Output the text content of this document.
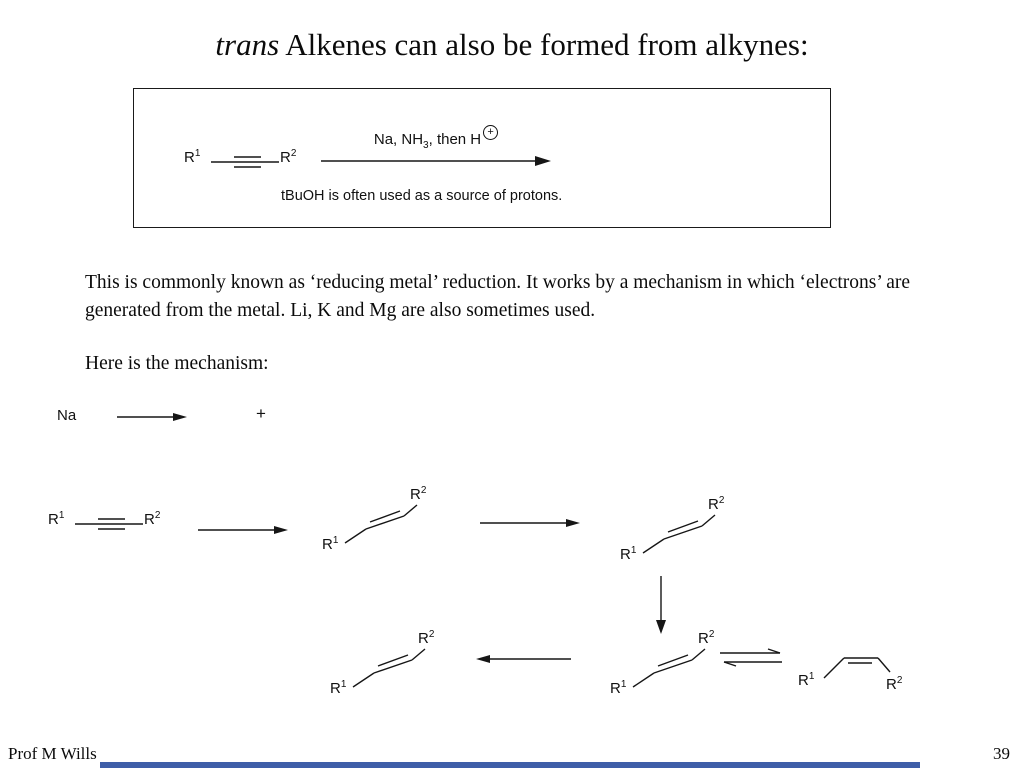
trans Alkenes can also be formed from alkynes:
$R^1$	$R^2$
Na, $NH_3$, then H +
tBuOH is often used as a source of protons.
This is commonly known as ‘reducing metal’ reduction. It works by a mechanism in which ‘electrons’ are generated from the metal. Li, K and Mg are also sometimes used.
Here is the mechanism:
Na	+
$R^1$	$R^2$
$R^1$
$R^2$
$R^1$
$R^2$
$R^1$
$R^2$
$R^1$
$R^2$
$R^1$	$R^2$
Prof M Wills	39
